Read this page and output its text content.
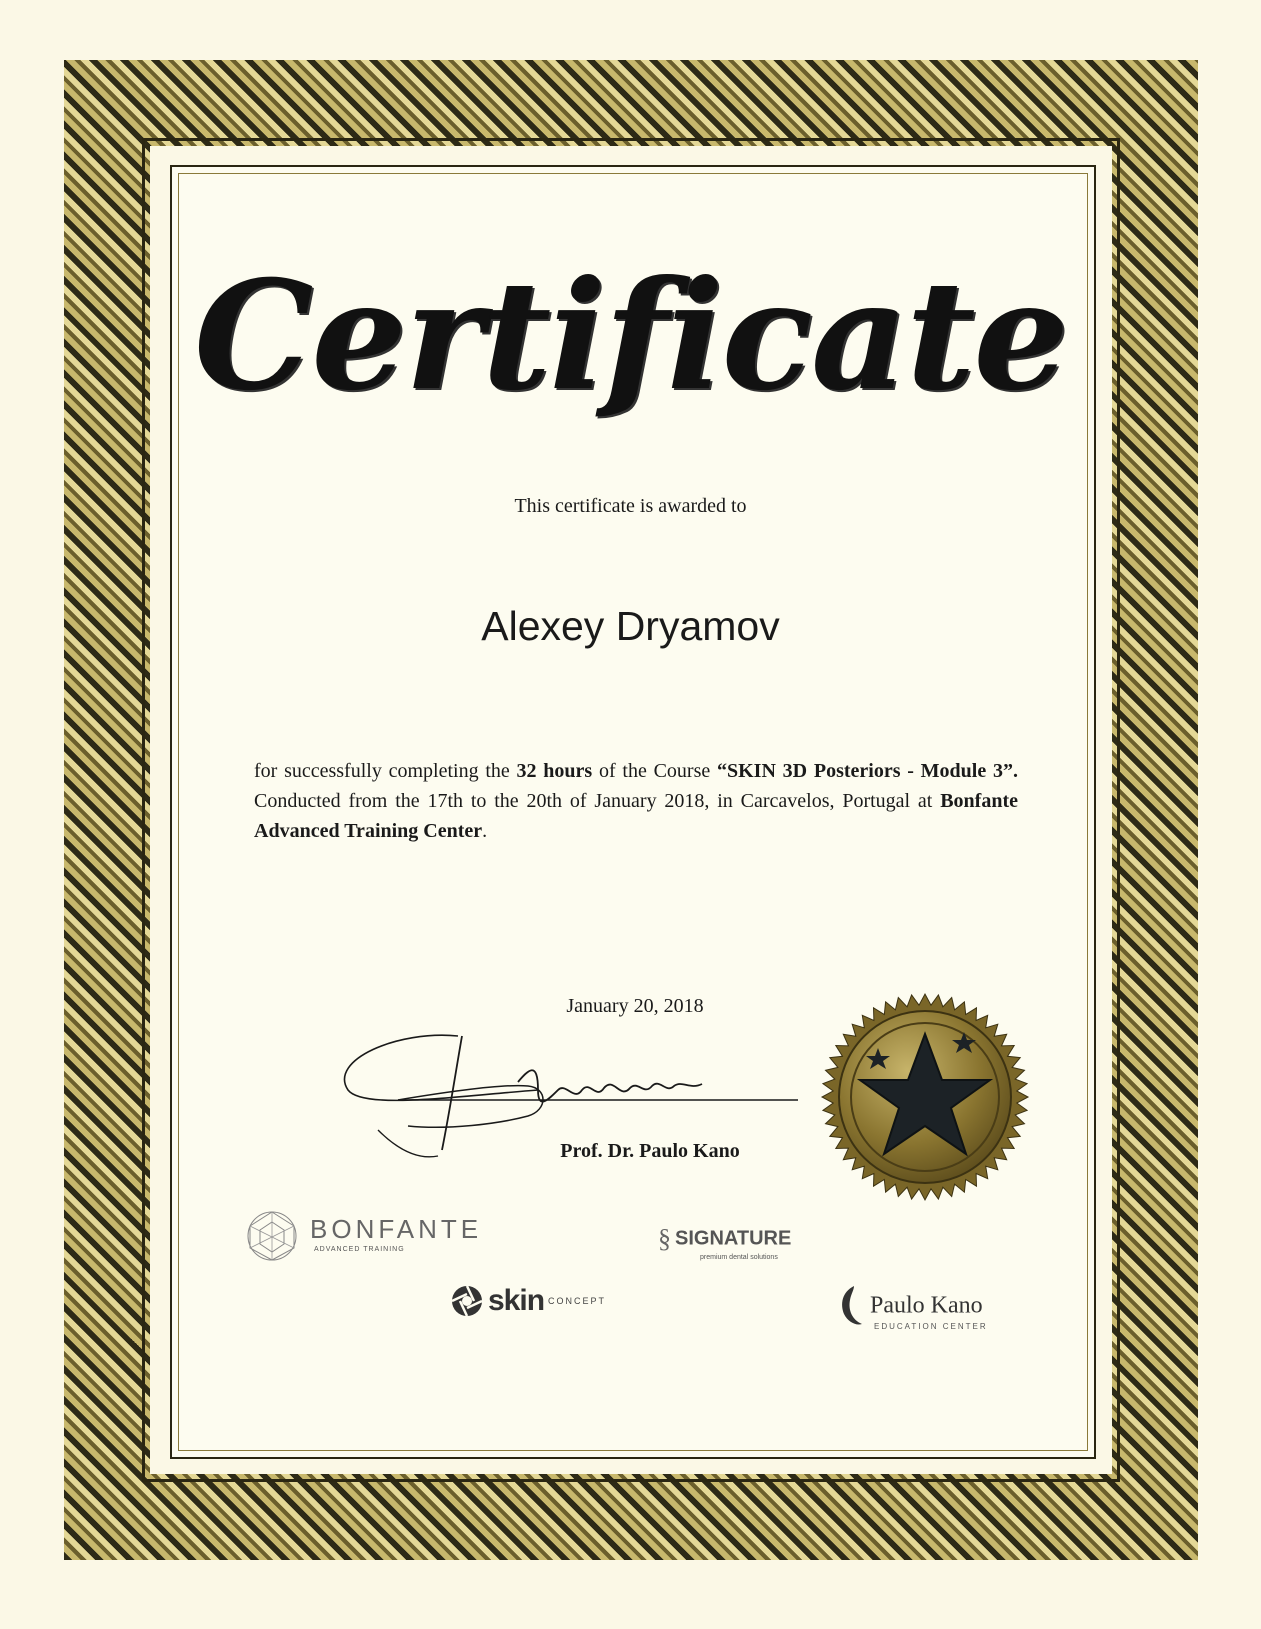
Certificate
This certificate is awarded to
Alexey Dryamov
for successfully completing the 32 hours of the Course “SKIN 3D Posteriors - Module 3”. Conducted from the 17th to the 20th of January 2018, in Carcavelos, Portugal at Bonfante Advanced Training Center.
January 20, 2018
Prof. Dr. Paulo Kano
BONFANTE
ADVANCED TRAINING	§ SIGNATURE
premium dental solutions
skin CONCEPT	Paulo Kano
EDUCATION CENTER
